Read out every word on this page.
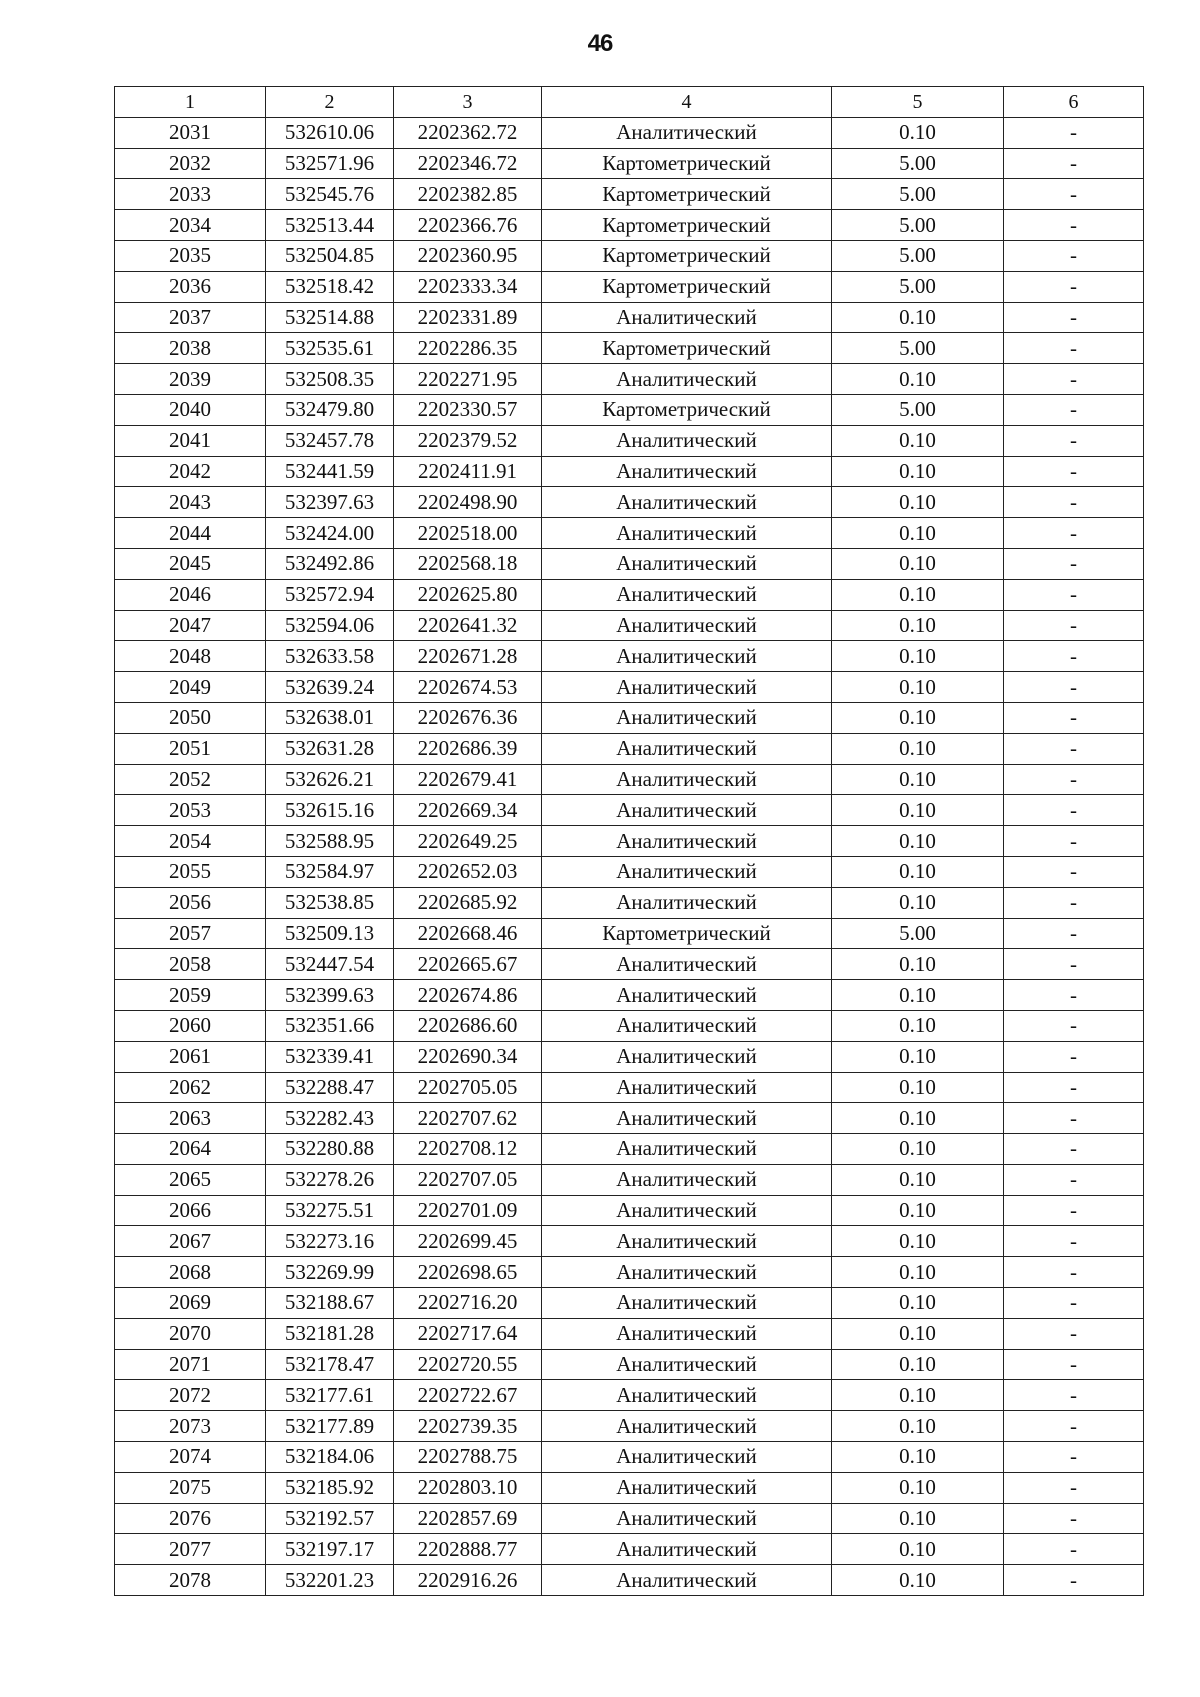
46
1	2	3	4	5	6
2031	532610.06	2202362.72	Аналитический	0.10	-
2032	532571.96	2202346.72	Картометрический	5.00	-
2033	532545.76	2202382.85	Картометрический	5.00	-
2034	532513.44	2202366.76	Картометрический	5.00	-
2035	532504.85	2202360.95	Картометрический	5.00	-
2036	532518.42	2202333.34	Картометрический	5.00	-
2037	532514.88	2202331.89	Аналитический	0.10	-
2038	532535.61	2202286.35	Картометрический	5.00	-
2039	532508.35	2202271.95	Аналитический	0.10	-
2040	532479.80	2202330.57	Картометрический	5.00	-
2041	532457.78	2202379.52	Аналитический	0.10	-
2042	532441.59	2202411.91	Аналитический	0.10	-
2043	532397.63	2202498.90	Аналитический	0.10	-
2044	532424.00	2202518.00	Аналитический	0.10	-
2045	532492.86	2202568.18	Аналитический	0.10	-
2046	532572.94	2202625.80	Аналитический	0.10	-
2047	532594.06	2202641.32	Аналитический	0.10	-
2048	532633.58	2202671.28	Аналитический	0.10	-
2049	532639.24	2202674.53	Аналитический	0.10	-
2050	532638.01	2202676.36	Аналитический	0.10	-
2051	532631.28	2202686.39	Аналитический	0.10	-
2052	532626.21	2202679.41	Аналитический	0.10	-
2053	532615.16	2202669.34	Аналитический	0.10	-
2054	532588.95	2202649.25	Аналитический	0.10	-
2055	532584.97	2202652.03	Аналитический	0.10	-
2056	532538.85	2202685.92	Аналитический	0.10	-
2057	532509.13	2202668.46	Картометрический	5.00	-
2058	532447.54	2202665.67	Аналитический	0.10	-
2059	532399.63	2202674.86	Аналитический	0.10	-
2060	532351.66	2202686.60	Аналитический	0.10	-
2061	532339.41	2202690.34	Аналитический	0.10	-
2062	532288.47	2202705.05	Аналитический	0.10	-
2063	532282.43	2202707.62	Аналитический	0.10	-
2064	532280.88	2202708.12	Аналитический	0.10	-
2065	532278.26	2202707.05	Аналитический	0.10	-
2066	532275.51	2202701.09	Аналитический	0.10	-
2067	532273.16	2202699.45	Аналитический	0.10	-
2068	532269.99	2202698.65	Аналитический	0.10	-
2069	532188.67	2202716.20	Аналитический	0.10	-
2070	532181.28	2202717.64	Аналитический	0.10	-
2071	532178.47	2202720.55	Аналитический	0.10	-
2072	532177.61	2202722.67	Аналитический	0.10	-
2073	532177.89	2202739.35	Аналитический	0.10	-
2074	532184.06	2202788.75	Аналитический	0.10	-
2075	532185.92	2202803.10	Аналитический	0.10	-
2076	532192.57	2202857.69	Аналитический	0.10	-
2077	532197.17	2202888.77	Аналитический	0.10	-
2078	532201.23	2202916.26	Аналитический	0.10	-
